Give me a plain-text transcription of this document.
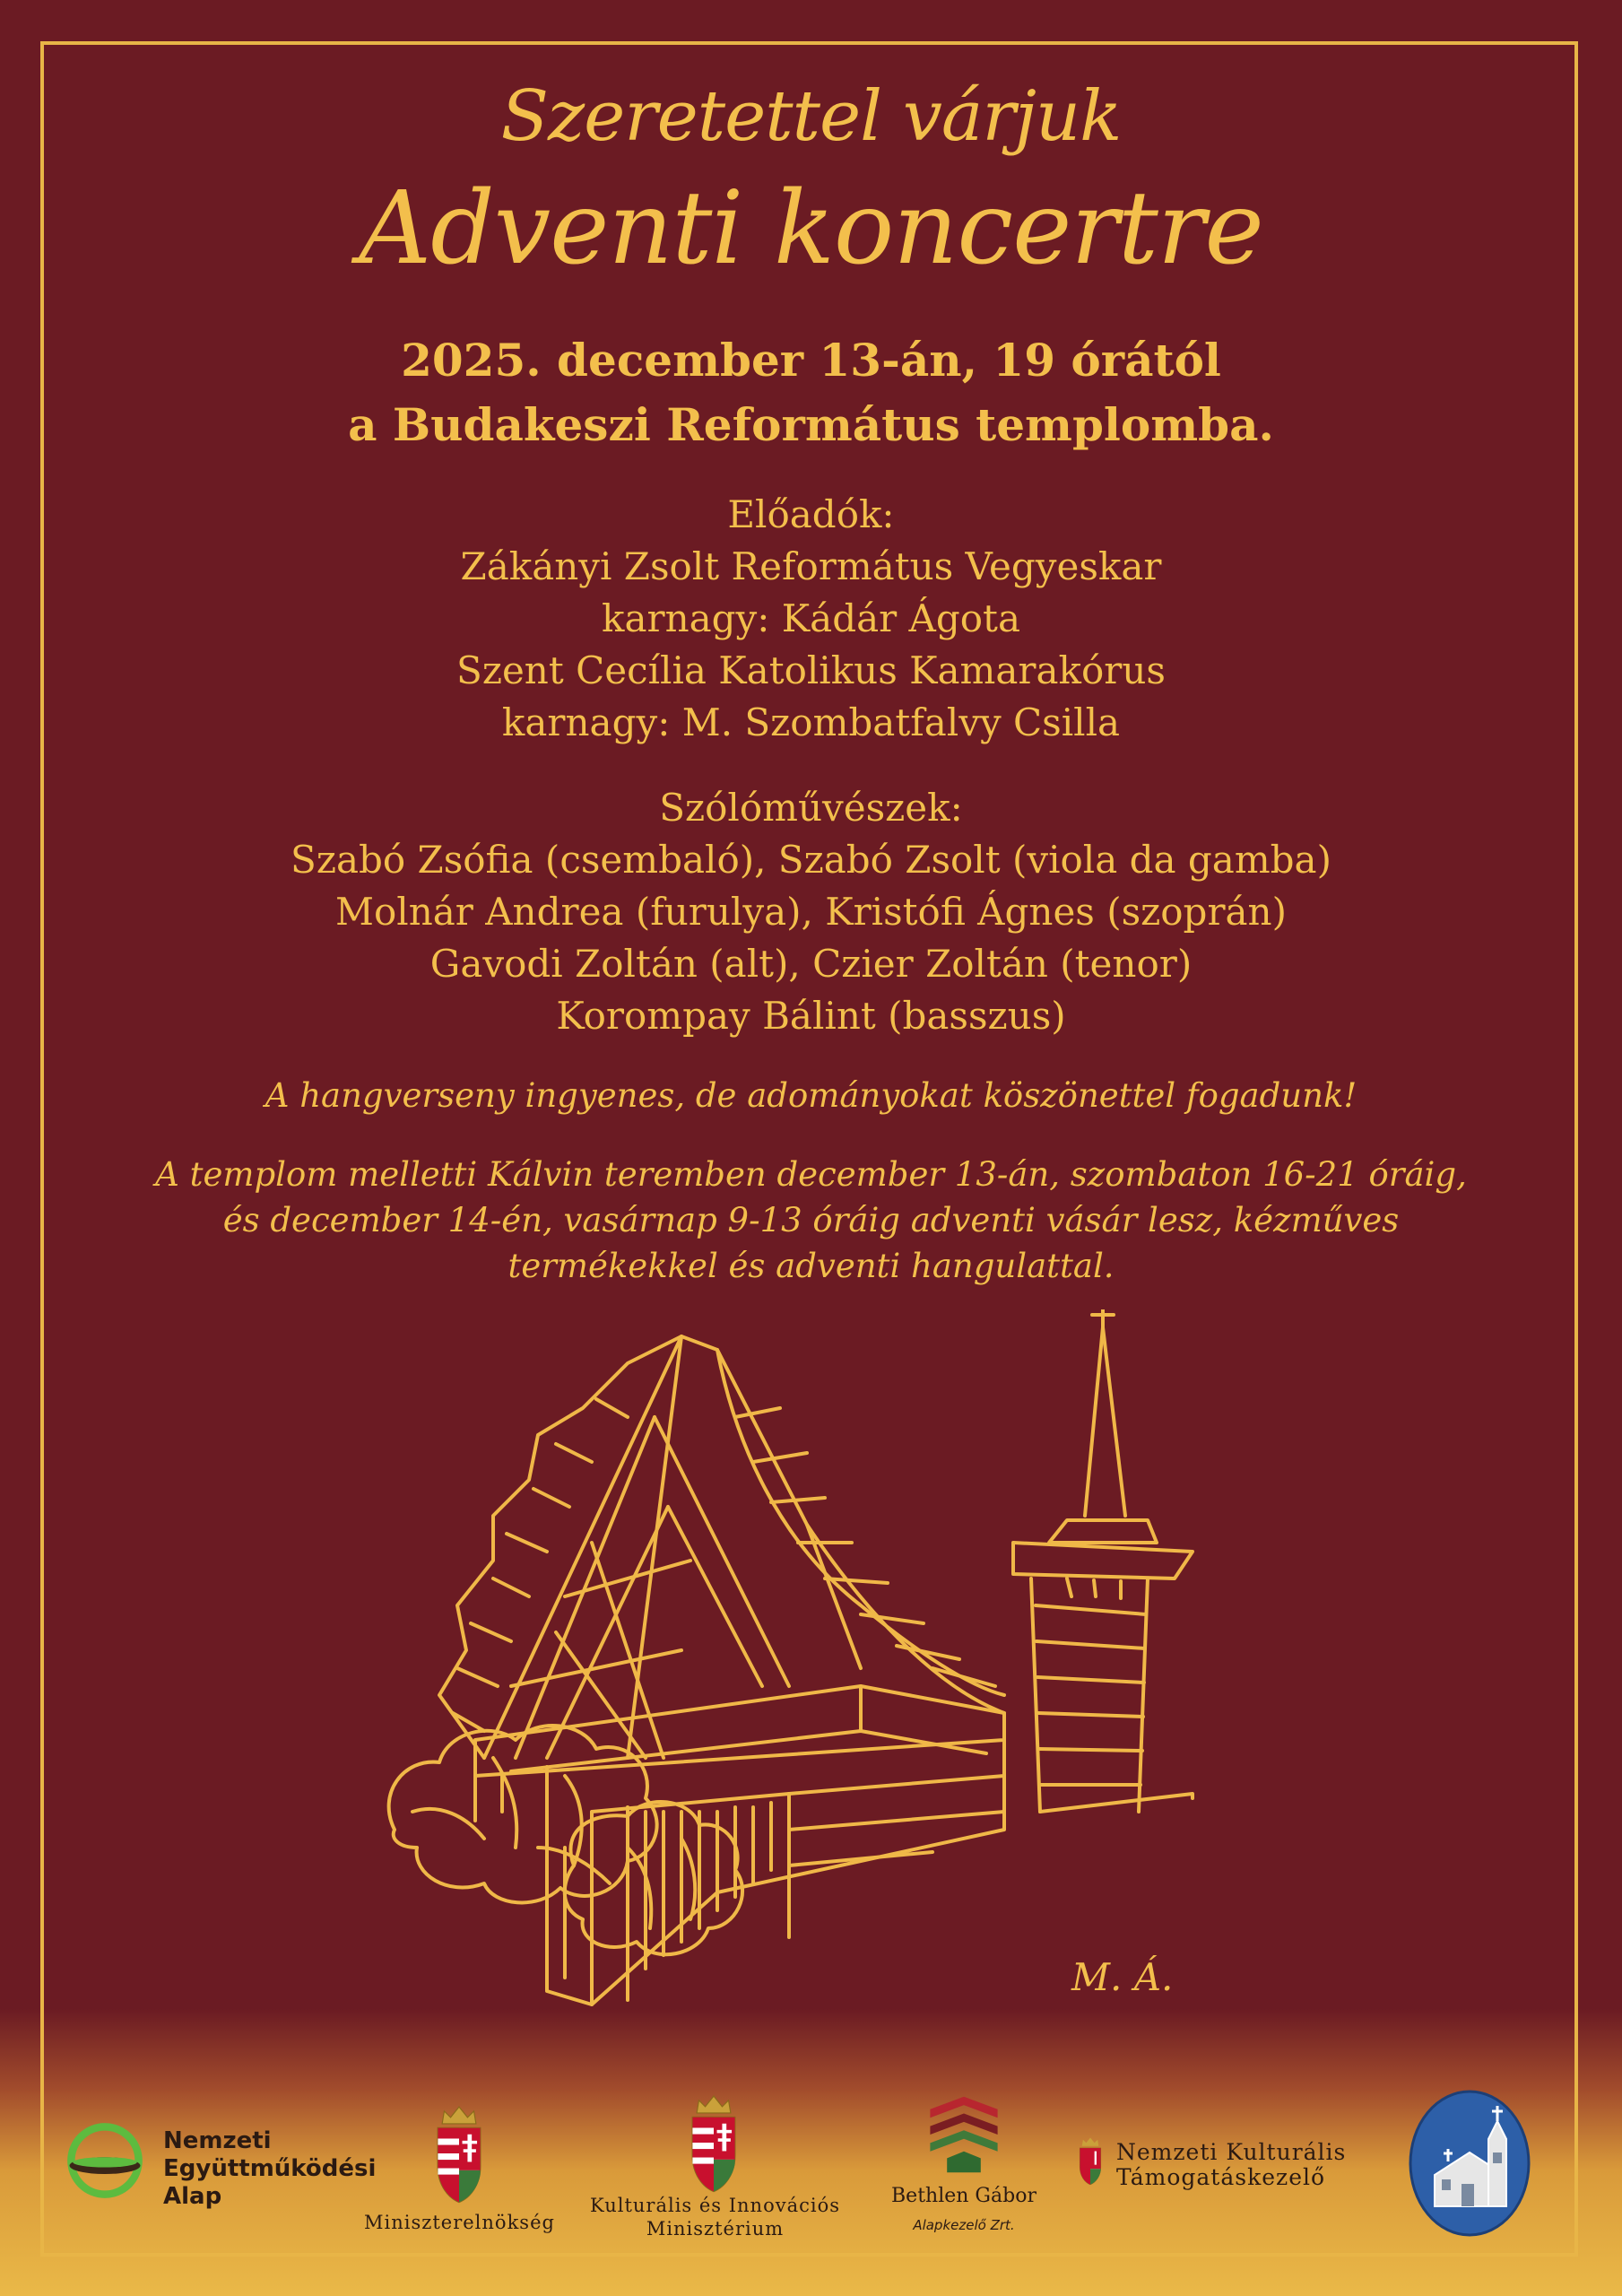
Szeretettel várjuk

Adventi koncertre

2025. december 13-án, 19 órától

a Budakeszi Református templomba.

Előadók:

Zákányi Zsolt Református Vegyeskar

karnagy: Kádár Ágota

Szent Cecília Katolikus Kamarakórus

karnagy: M. Szombatfalvy Csilla

Szólóművészek:

Szabó Zsófia (csembaló), Szabó Zsolt (viola da gamba)

Molnár Andrea (furulya), Kristófi Ágnes (szoprán)

Gavodi Zoltán (alt), Czier Zoltán (tenor)

Korompay Bálint (basszus)

A hangverseny ingyenes, de adományokat köszönettel fogadunk!

A templom melletti Kálvin teremben december 13-án, szombaton 16-21 óráig,

és december 14-én, vasárnap 9-13 óráig adventi vásár lesz, kézműves

termékekkel és adventi hangulattal.

M. Á.
Nemzeti
Együttműködési
Alap
Miniszterelnökség
Kulturális és Innovációs
Minisztérium
Bethlen Gábor
Alapkezelő Zrt.
Nemzeti Kulturális
Támogatáskezelő
